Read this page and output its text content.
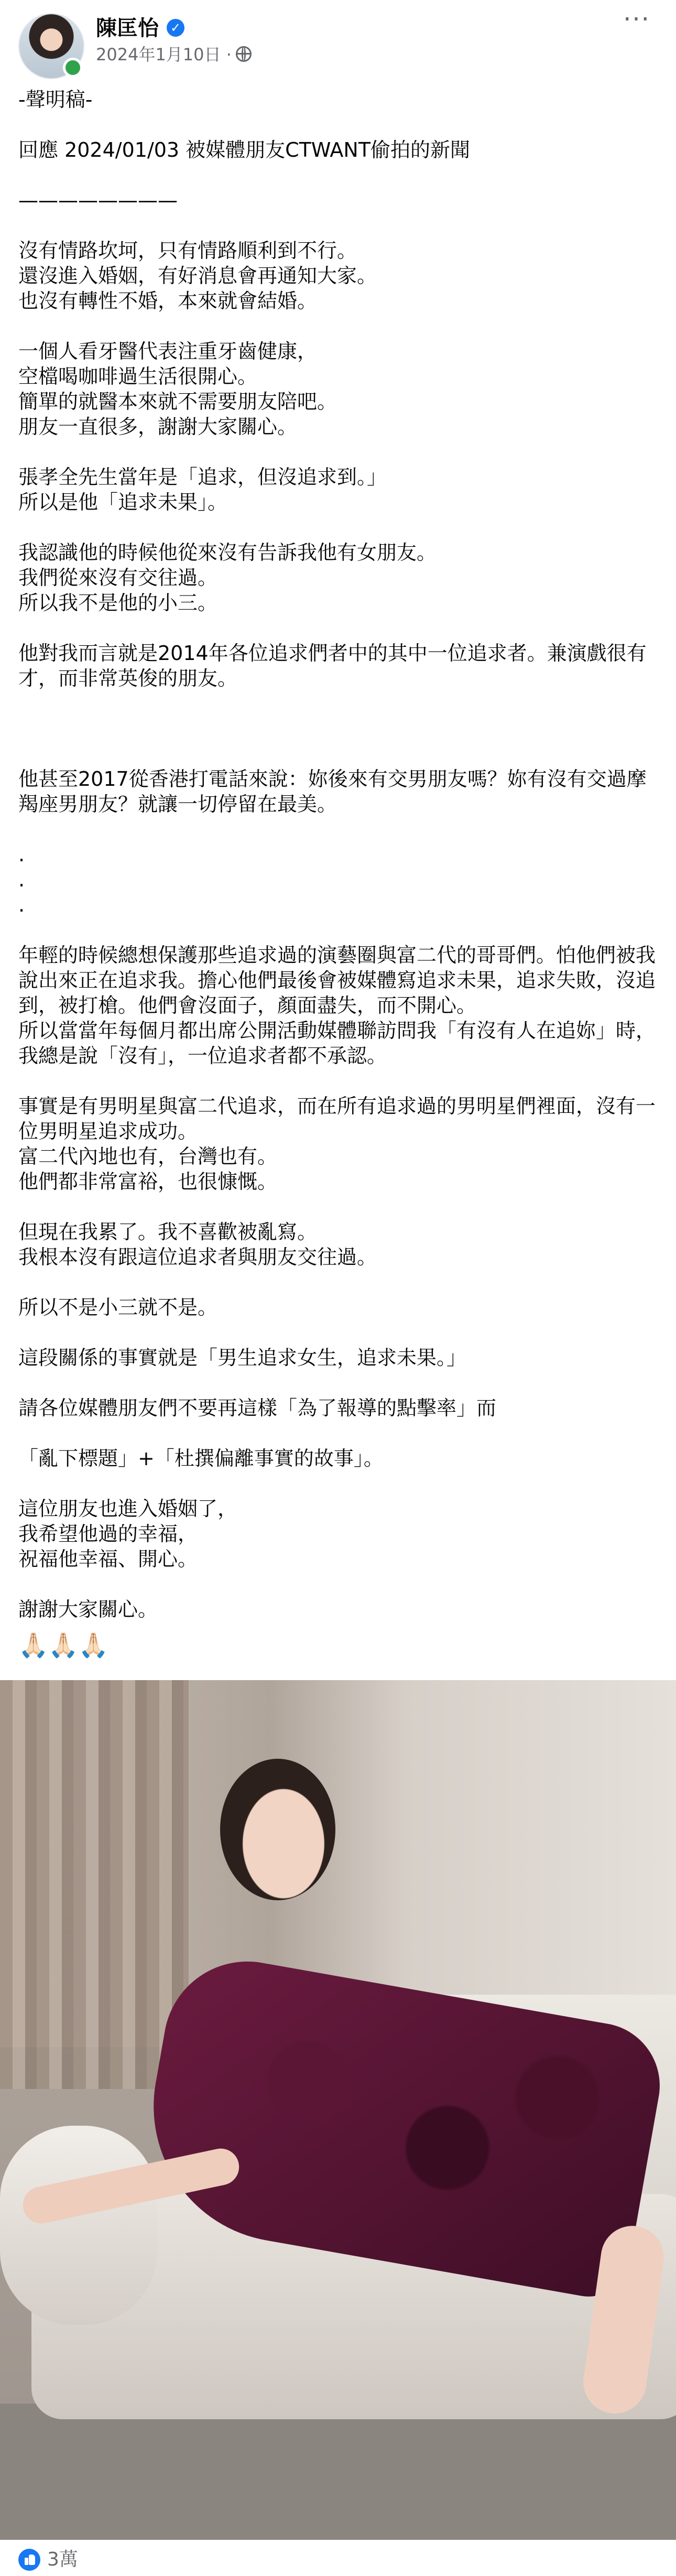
陳匡怡 ✓
2024年1月10日 ·
···
-聲明稿-

回應 2024/01/03 被媒體朋友CTWANT偷拍的新聞

————————

沒有情路坎坷，只有情路順利到不行。
還沒進入婚姻，有好消息會再通知大家。
也沒有轉性不婚，本來就會結婚。

一個人看牙醫代表注重牙齒健康，
空檔喝咖啡過生活很開心。
簡單的就醫本來就不需要朋友陪吧。
朋友一直很多，謝謝大家關心。

張孝全先生當年是「追求，但沒追求到。」
所以是他「追求未果」。

我認識他的時候他從來沒有告訴我他有女朋友。
我們從來沒有交往過。
所以我不是他的小三。

他對我而言就是2014年各位追求們者中的其中一位追求者。兼演戲很有才，而非常英俊的朋友。

他甚至2017從香港打電話來說：妳後來有交男朋友嗎？妳有沒有交過摩羯座男朋友？就讓一切停留在最美。

.
.
.

年輕的時候總想保護那些追求過的演藝圈與富二代的哥哥們。怕他們被我說出來正在追求我。擔心他們最後會被媒體寫追求未果，追求失敗，沒追到，被打槍。他們會沒面子，顏面盡失，而不開心。
所以當當年每個月都出席公開活動媒體聯訪問我「有沒有人在追妳」時，我總是說「沒有」，一位追求者都不承認。

事實是有男明星與富二代追求，而在所有追求過的男明星們裡面，沒有一位男明星追求成功。
富二代內地也有，台灣也有。
他們都非常富裕，也很慷慨。

但現在我累了。我不喜歡被亂寫。
我根本沒有跟這位追求者與朋友交往過。

所以不是小三就不是。

這段關係的事實就是「男生追求女生，追求未果。」

請各位媒體朋友們不要再這樣「為了報導的點擊率」而

「亂下標題」+「杜撰偏離事實的故事」。

這位朋友也進入婚姻了，
我希望他過的幸福，
祝福他幸福、開心。

謝謝大家關心。
🙏🏻🙏🏻🙏🏻
3萬
